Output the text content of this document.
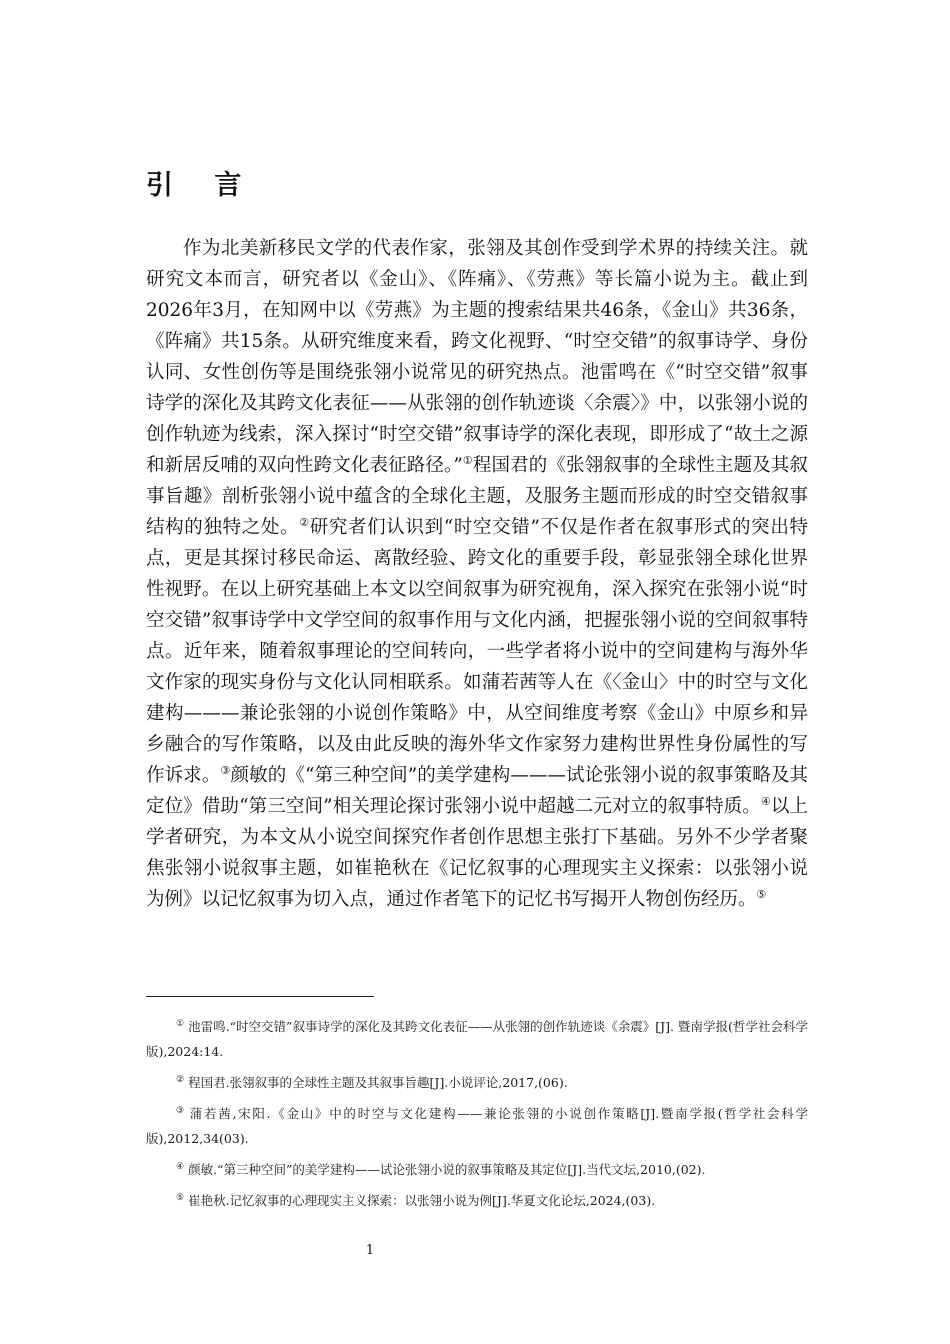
引 言

作为北美新移民文学的代表作家，张翎及其创作受到学术界的持续关注。就研究文本而言，研究者以《金山》、《阵痛》、《劳燕》等长篇小说为主。截止到2026年3月，在知网中以《劳燕》为主题的搜索结果共46条，《金山》共36条，《阵痛》共15条。从研究维度来看，跨文化视野、“时空交错”的叙事诗学、身份认同、女性创伤等是围绕张翎小说常见的研究热点。池雷鸣在《“时空交错”叙事诗学的深化及其跨文化表征——从张翎的创作轨迹谈〈余震〉》中，以张翎小说的创作轨迹为线索，深入探讨“时空交错”叙事诗学的深化表现，即形成了“故土之源和新居反哺的双向性跨文化表征路径。”①程国君的《张翎叙事的全球性主题及其叙事旨趣》剖析张翎小说中蕴含的全球化主题，及服务主题而形成的时空交错叙事结构的独特之处。②研究者们认识到“时空交错”不仅是作者在叙事形式的突出特点，更是其探讨移民命运、离散经验、跨文化的重要手段，彰显张翎全球化世界性视野。在以上研究基础上本文以空间叙事为研究视角，深入探究在张翎小说“时空交错”叙事诗学中文学空间的叙事作用与文化内涵，把握张翎小说的空间叙事特点。近年来，随着叙事理论的空间转向，一些学者将小说中的空间建构与海外华文作家的现实身份与文化认同相联系。如蒲若茜等人在《〈金山〉中的时空与文化建构———兼论张翎的小说创作策略》中，从空间维度考察《金山》中原乡和异乡融合的写作策略，以及由此反映的海外华文作家努力建构世界性身份属性的写作诉求。③颜敏的《“第三种空间”的美学建构———试论张翎小说的叙事策略及其定位》借助“第三空间”相关理论探讨张翎小说中超越二元对立的叙事特质。④以上学者研究，为本文从小说空间探究作者创作思想主张打下基础。另外不少学者聚焦张翎小说叙事主题，如崔艳秋在《记忆叙事的心理现实主义探索：以张翎小说为例》以记忆叙事为切入点，通过作者笔下的记忆书写揭开人物创伤经历。⑤

① 池雷鸣.“时空交错”叙事诗学的深化及其跨文化表征——从张翎的创作轨迹谈《余震》[J]. 暨南学报(哲学社会科学版),2024:14.

② 程国君.张翎叙事的全球性主题及其叙事旨趣[J].小说评论,2017,(06).

③ 蒲若茜,宋阳.《金山》中的时空与文化建构——兼论张翎的小说创作策略[J].暨南学报(哲学社会科学版),2012,34(03).

④ 颜敏.“第三种空间”的美学建构——试论张翎小说的叙事策略及其定位[J].当代文坛,2010,(02).

⑤ 崔艳秋.记忆叙事的心理现实主义探索：以张翎小说为例[J].华夏文化论坛,2024,(03).

1
